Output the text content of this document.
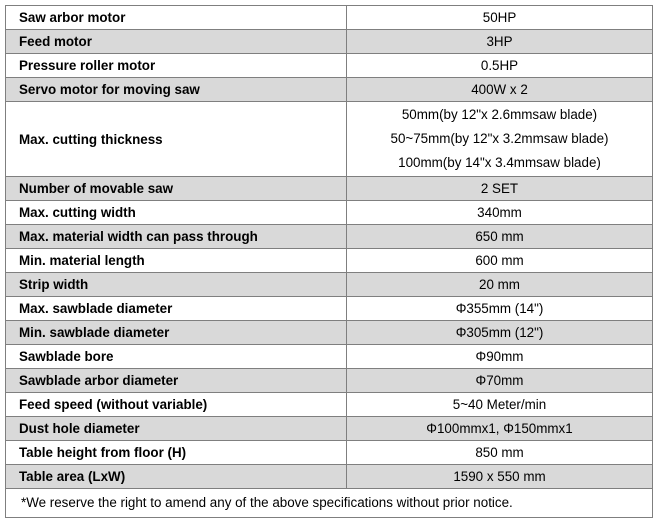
Saw arbor motor	50HP
Feed motor	3HP
Pressure roller motor	0.5HP
Servo motor for moving saw	400W x 2
Max. cutting thickness	50mm(by 12"x 2.6mmsaw blade)
50~75mm(by 12"x 3.2mmsaw blade)
100mm(by 14"x 3.4mmsaw blade)

Number of movable saw	2 SET
Max. cutting width	340mm
Max. material width can pass through	650 mm
Min. material length	600 mm
Strip width	20 mm
Max. sawblade diameter	Φ355mm (14")
Min. sawblade diameter	Φ305mm (12")
Sawblade bore	Φ90mm
Sawblade arbor diameter	Φ70mm
Feed speed (without variable)	5~40 Meter/min
Dust hole diameter	Φ100mmx1, Φ150mmx1
Table height from floor (H)	850 mm
Table area (LxW)	1590 x 550 mm
*We reserve the right to amend any of the above specifications without prior notice.	
